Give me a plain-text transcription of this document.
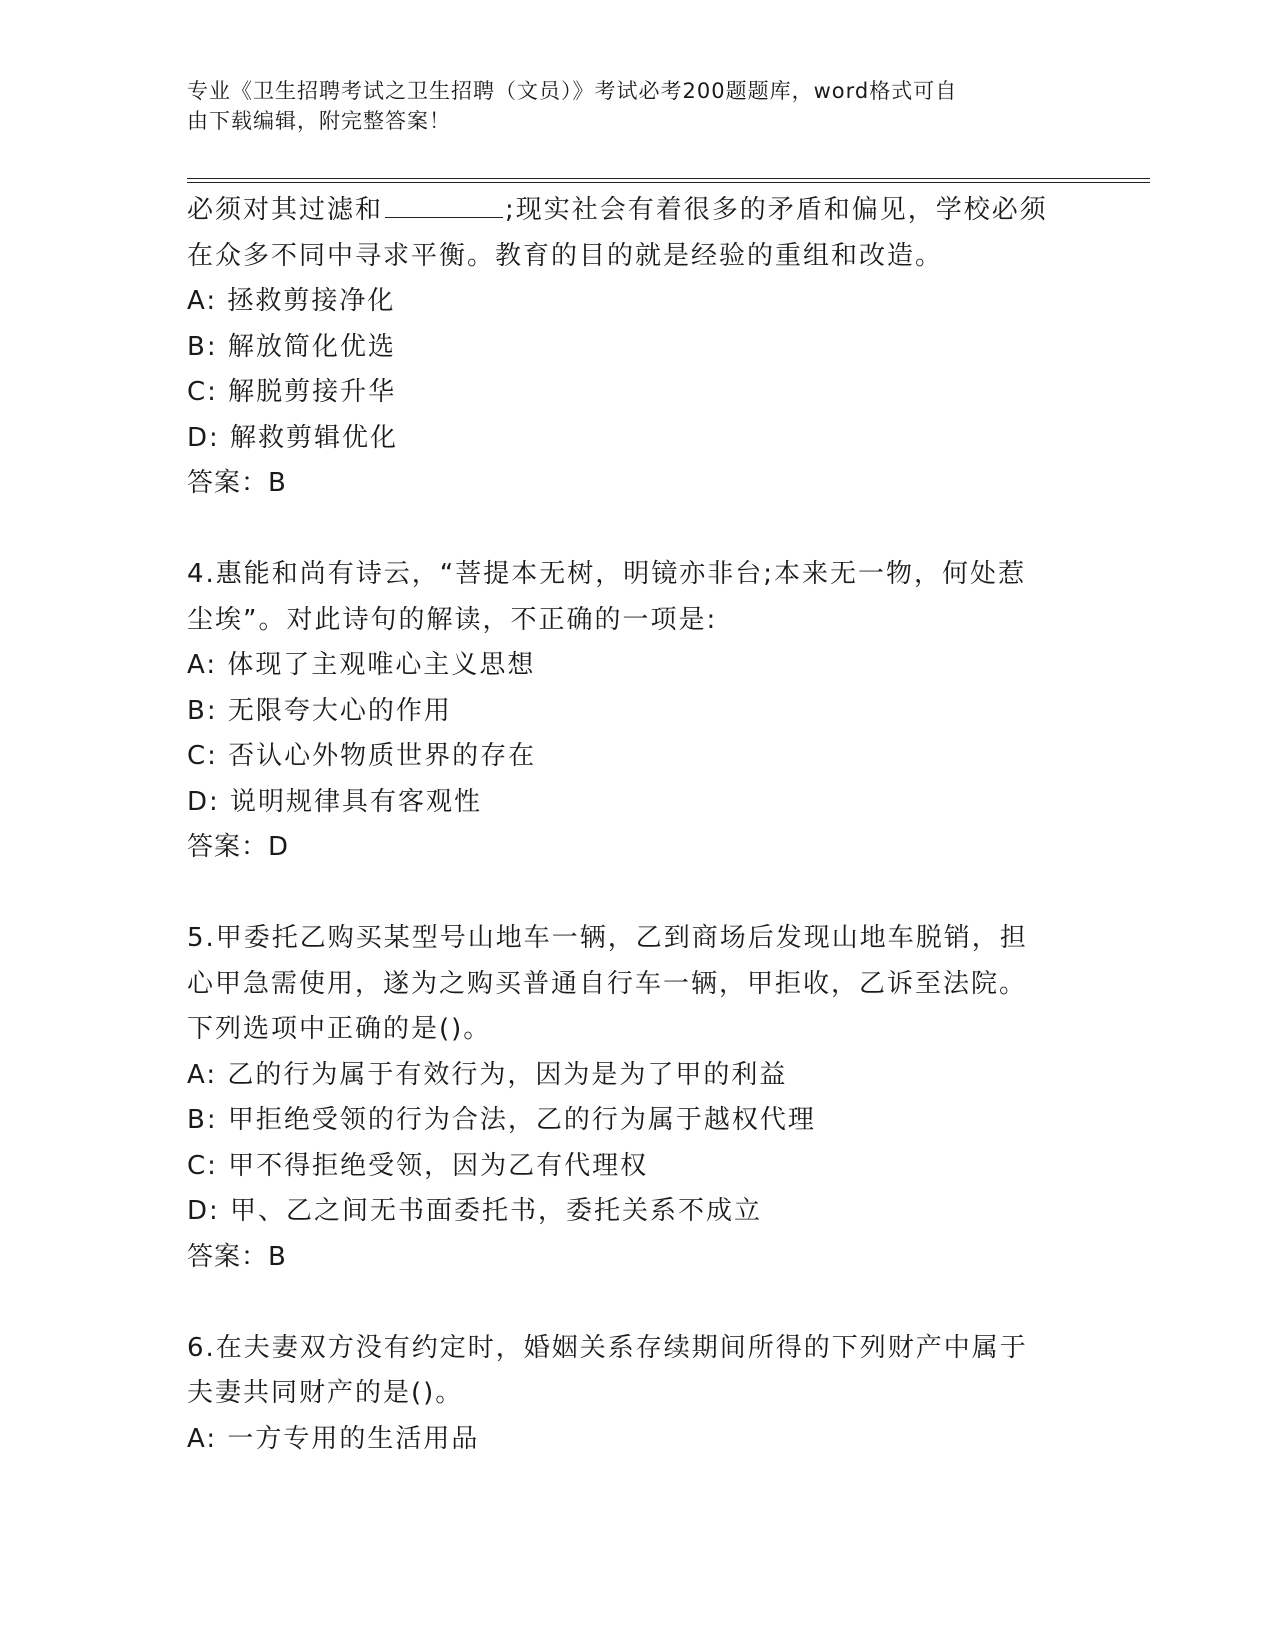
专业《卫生招聘考试之卫生招聘（文员）》考试必考200题题库，word格式可自
由下载编辑，附完整答案！
必须对其过滤和	;现实社会有着很多的矛盾和偏见，学校必须
在众多不同中寻求平衡。教育的目的就是经验的重组和改造。
A: 拯救剪接净化
B: 解放简化优选
C: 解脱剪接升华
D: 解救剪辑优化
答案：B
4.惠能和尚有诗云，“菩提本无树，明镜亦非台;本来无一物，何处惹
尘埃”。对此诗句的解读，不正确的一项是:
A: 体现了主观唯心主义思想
B: 无限夸大心的作用
C: 否认心外物质世界的存在
D: 说明规律具有客观性
答案：D
5.甲委托乙购买某型号山地车一辆，乙到商场后发现山地车脱销，担
心甲急需使用，遂为之购买普通自行车一辆，甲拒收，乙诉至法院。
下列选项中正确的是()。
A: 乙的行为属于有效行为，因为是为了甲的利益
B: 甲拒绝受领的行为合法，乙的行为属于越权代理
C: 甲不得拒绝受领，因为乙有代理权
D: 甲、乙之间无书面委托书，委托关系不成立
答案：B
6.在夫妻双方没有约定时，婚姻关系存续期间所得的下列财产中属于
夫妻共同财产的是()。
A: 一方专用的生活用品
